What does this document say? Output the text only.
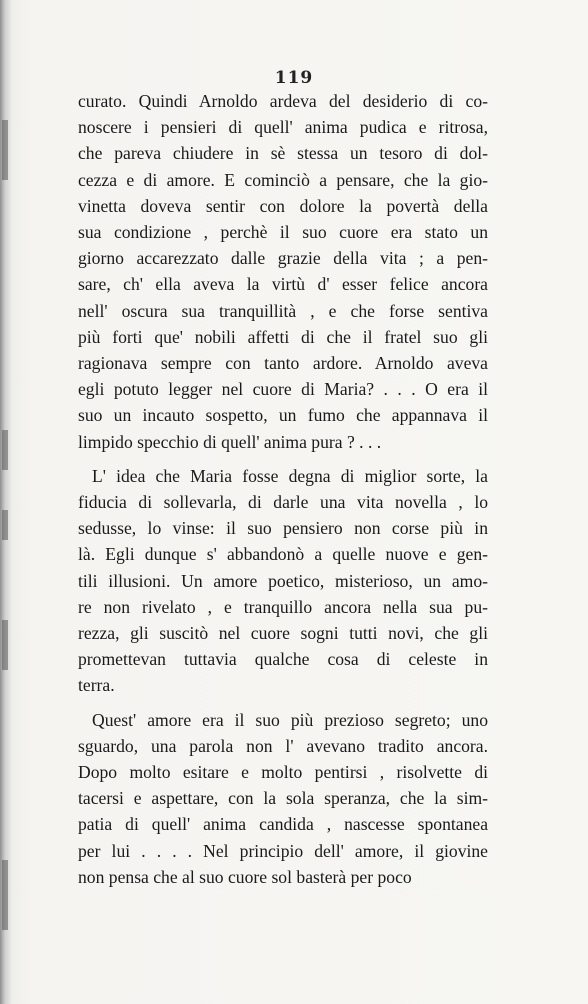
119
curato. Quindi Arnoldo ardeva del desiderio di co-
noscere i pensieri di quell' anima pudica e ritrosa,
che pareva chiudere in sè stessa un tesoro di dol-
cezza e di amore. E cominciò a pensare, che la gio-
vinetta doveva sentir con dolore la povertà della
sua condizione , perchè il suo cuore era stato un
giorno accarezzato dalle grazie della vita ; a pen-
sare, ch' ella aveva la virtù d' esser felice ancora
nell' oscura sua tranquillità , e che forse sentiva
più forti que' nobili affetti di che il fratel suo gli
ragionava sempre con tanto ardore. Arnoldo aveva
egli potuto legger nel cuore di Maria? . . . O era il
suo un incauto sospetto, un fumo che appannava il
limpido specchio di quell' anima pura ? . . .
L' idea che Maria fosse degna di miglior sorte, la
fiducia di sollevarla, di darle una vita novella , lo
sedusse, lo vinse: il suo pensiero non corse più in
là. Egli dunque s' abbandonò a quelle nuove e gen-
tili illusioni. Un amore poetico, misterioso, un amo-
re non rivelato , e tranquillo ancora nella sua pu-
rezza, gli suscitò nel cuore sogni tutti novi, che gli
promettevan tuttavia qualche cosa di celeste in
terra.
Quest' amore era il suo più prezioso segreto; uno
sguardo, una parola non l' avevano tradito ancora.
Dopo molto esitare e molto pentirsi , risolvette di
tacersi e aspettare, con la sola speranza, che la sim-
patia di quell' anima candida , nascesse spontanea
per lui . . . . Nel principio dell' amore, il giovine
non pensa che al suo cuore sol basterà per poco
